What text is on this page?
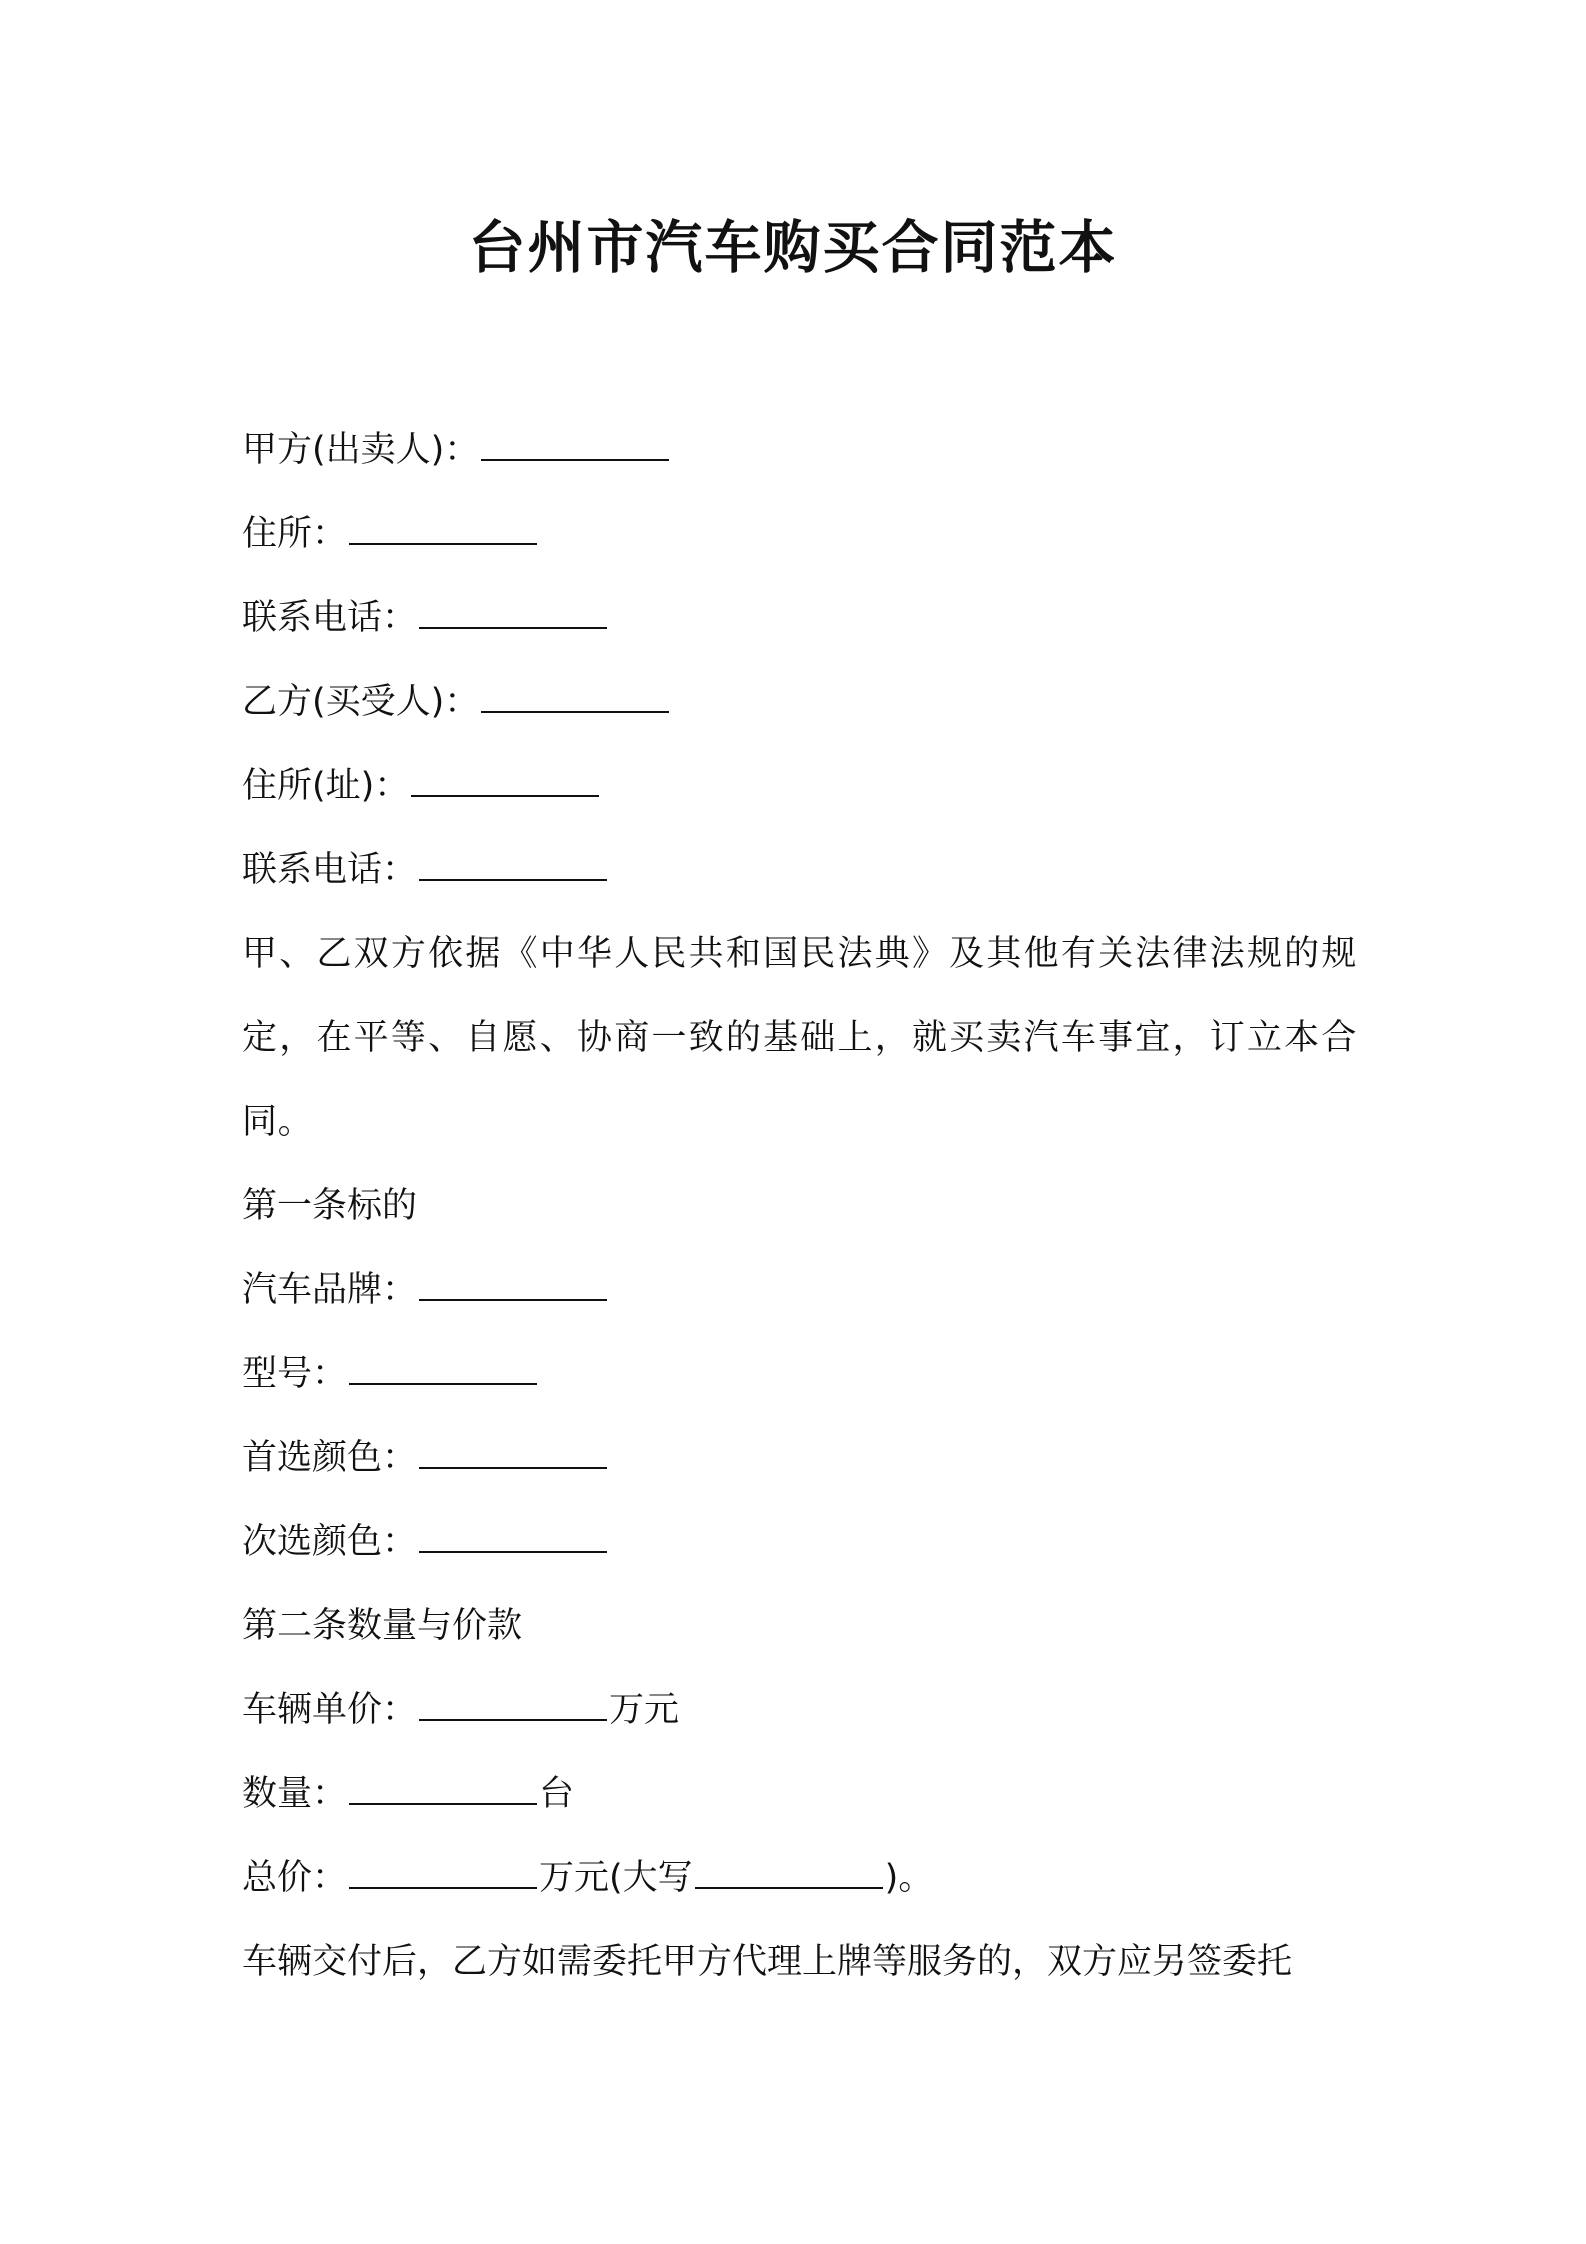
台州市汽车购买合同范本

甲方(出卖人)：

住所：

联系电话：

乙方(买受人)：

住所(址)：

联系电话：

甲、乙双方依据《中华人民共和国民法典》及其他有关法律法规的规定，在平等、自愿、协商一致的基础上，就买卖汽车事宜，订立本合同。

第一条标的

汽车品牌：

型号：

首选颜色：

次选颜色：

第二条数量与价款

车辆单价：	万元

数量：	台

总价：	万元(大写	)。

车辆交付后，乙方如需委托甲方代理上牌等服务的，双方应另签委托
